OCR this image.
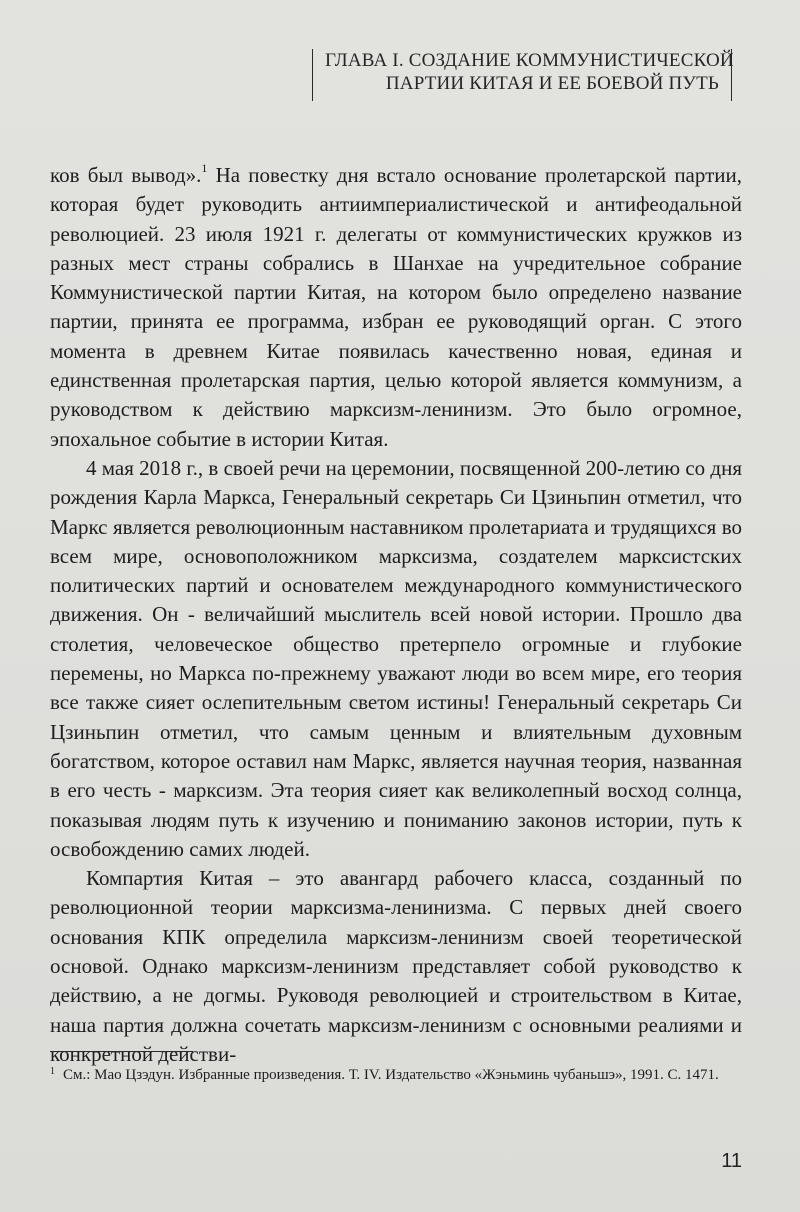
ГЛАВА I. СОЗДАНИЕ КОММУНИСТИЧЕСКОЙ
ПАРТИИ КИТАЯ И ЕЕ БОЕВОЙ ПУТЬ

ков был вывод».$^1$ На повестку дня встало основание пролетарской партии, которая будет руководить антиимпериалистической и антифеодальной революцией. 23 июля 1921 г. делегаты от коммунистических кружков из разных мест страны собрались в Шанхае на учредительное собрание Коммунистической партии Китая, на котором было определено название партии, принята ее программа, избран ее руководящий орган. С этого момента в древнем Китае появилась качественно новая, единая и единственная пролетарская партия, целью которой является коммунизм, а руководством к действию марксизм-ленинизм. Это было огромное, эпохальное событие в истории Китая.

4 мая 2018 г., в своей речи на церемонии, посвященной 200-летию со дня рождения Карла Маркса, Генеральный секретарь Си Цзиньпин отметил, что Маркс является революционным наставником пролетариата и трудящихся во всем мире, основоположником марксизма, создателем марксистских политических партий и основателем международного коммунистического движения. Он - величайший мыслитель всей новой истории. Прошло два столетия, человеческое общество претерпело огромные и глубокие перемены, но Маркса по-прежнему уважают люди во всем мире, его теория все также сияет ослепительным светом истины! Генеральный секретарь Си Цзиньпин отметил, что самым ценным и влиятельным духовным богатством, которое оставил нам Маркс, является научная теория, названная в его честь - марксизм. Эта теория сияет как великолепный восход солнца, показывая людям путь к изучению и пониманию законов истории, путь к освобождению самих людей.

Компартия Китая – это авангард рабочего класса, созданный по революционной теории марксизма-ленинизма. С первых дней своего основания КПК определила марксизм-ленинизм своей теоретической основой. Однако марксизм-ленинизм представляет собой руководство к действию, а не догмы. Руководя революцией и строительством в Китае, наша партия должна сочетать марксизм-ленинизм с основными реалиями и конкретной действи-

$^1$ См.: Мао Цзэдун. Избранные произведения. Т. IV. Издательство «Жэньминь чубаньшэ», 1991. С. 1471.
11
